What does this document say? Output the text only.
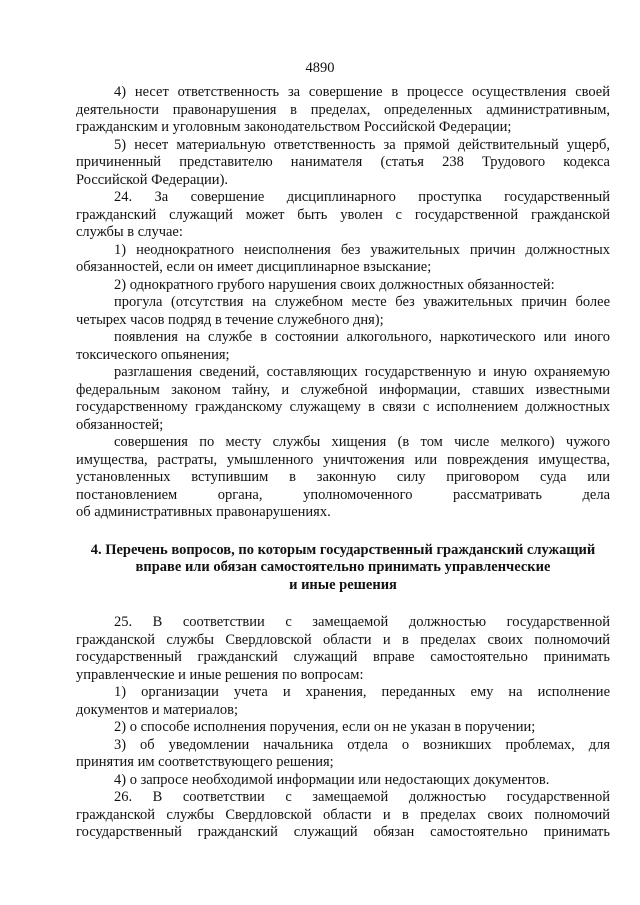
4890
4) несет ответственность за совершение в процессе осуществления своей
деятельности правонарушения в пределах, определенных административным,
гражданским и уголовным законодательством Российской Федерации;
5) несет материальную ответственность за прямой действительный ущерб,
причиненный представителю нанимателя (статья 238 Трудового кодекса
Российской Федерации).
24. За совершение дисциплинарного проступка государственный
гражданский служащий может быть уволен с государственной гражданской
службы в случае:
1) неоднократного неисполнения без уважительных причин должностных
обязанностей, если он имеет дисциплинарное взыскание;
2) однократного грубого нарушения своих должностных обязанностей:
прогула (отсутствия на служебном месте без уважительных причин более
четырех часов подряд в течение служебного дня);
появления на службе в состоянии алкогольного, наркотического или иного
токсического опьянения;
разглашения сведений, составляющих государственную и иную охраняемую
федеральным законом тайну, и служебной информации, ставших известными
государственному гражданскому служащему в связи с исполнением должностных
обязанностей;
совершения по месту службы хищения (в том числе мелкого) чужого
имущества, растраты, умышленного уничтожения или повреждения имущества,
установленных вступившим в законную силу приговором суда или
постановлением органа, уполномоченного рассматривать дела
об административных правонарушениях.
4. Перечень вопросов, по которым государственный гражданский служащий
вправе или обязан самостоятельно принимать управленческие
и иные решения
25. В соответствии с замещаемой должностью государственной
гражданской службы Свердловской области и в пределах своих полномочий
государственный гражданский служащий вправе самостоятельно принимать
управленческие и иные решения по вопросам:
1) организации учета и хранения, переданных ему на исполнение
документов и материалов;
2) о способе исполнения поручения, если он не указан в поручении;
3) об уведомлении начальника отдела о возникших проблемах, для
принятия им соответствующего решения;
4) о запросе необходимой информации или недостающих документов.
26. В соответствии с замещаемой должностью государственной
гражданской службы Свердловской области и в пределах своих полномочий
государственный гражданский служащий обязан самостоятельно принимать
